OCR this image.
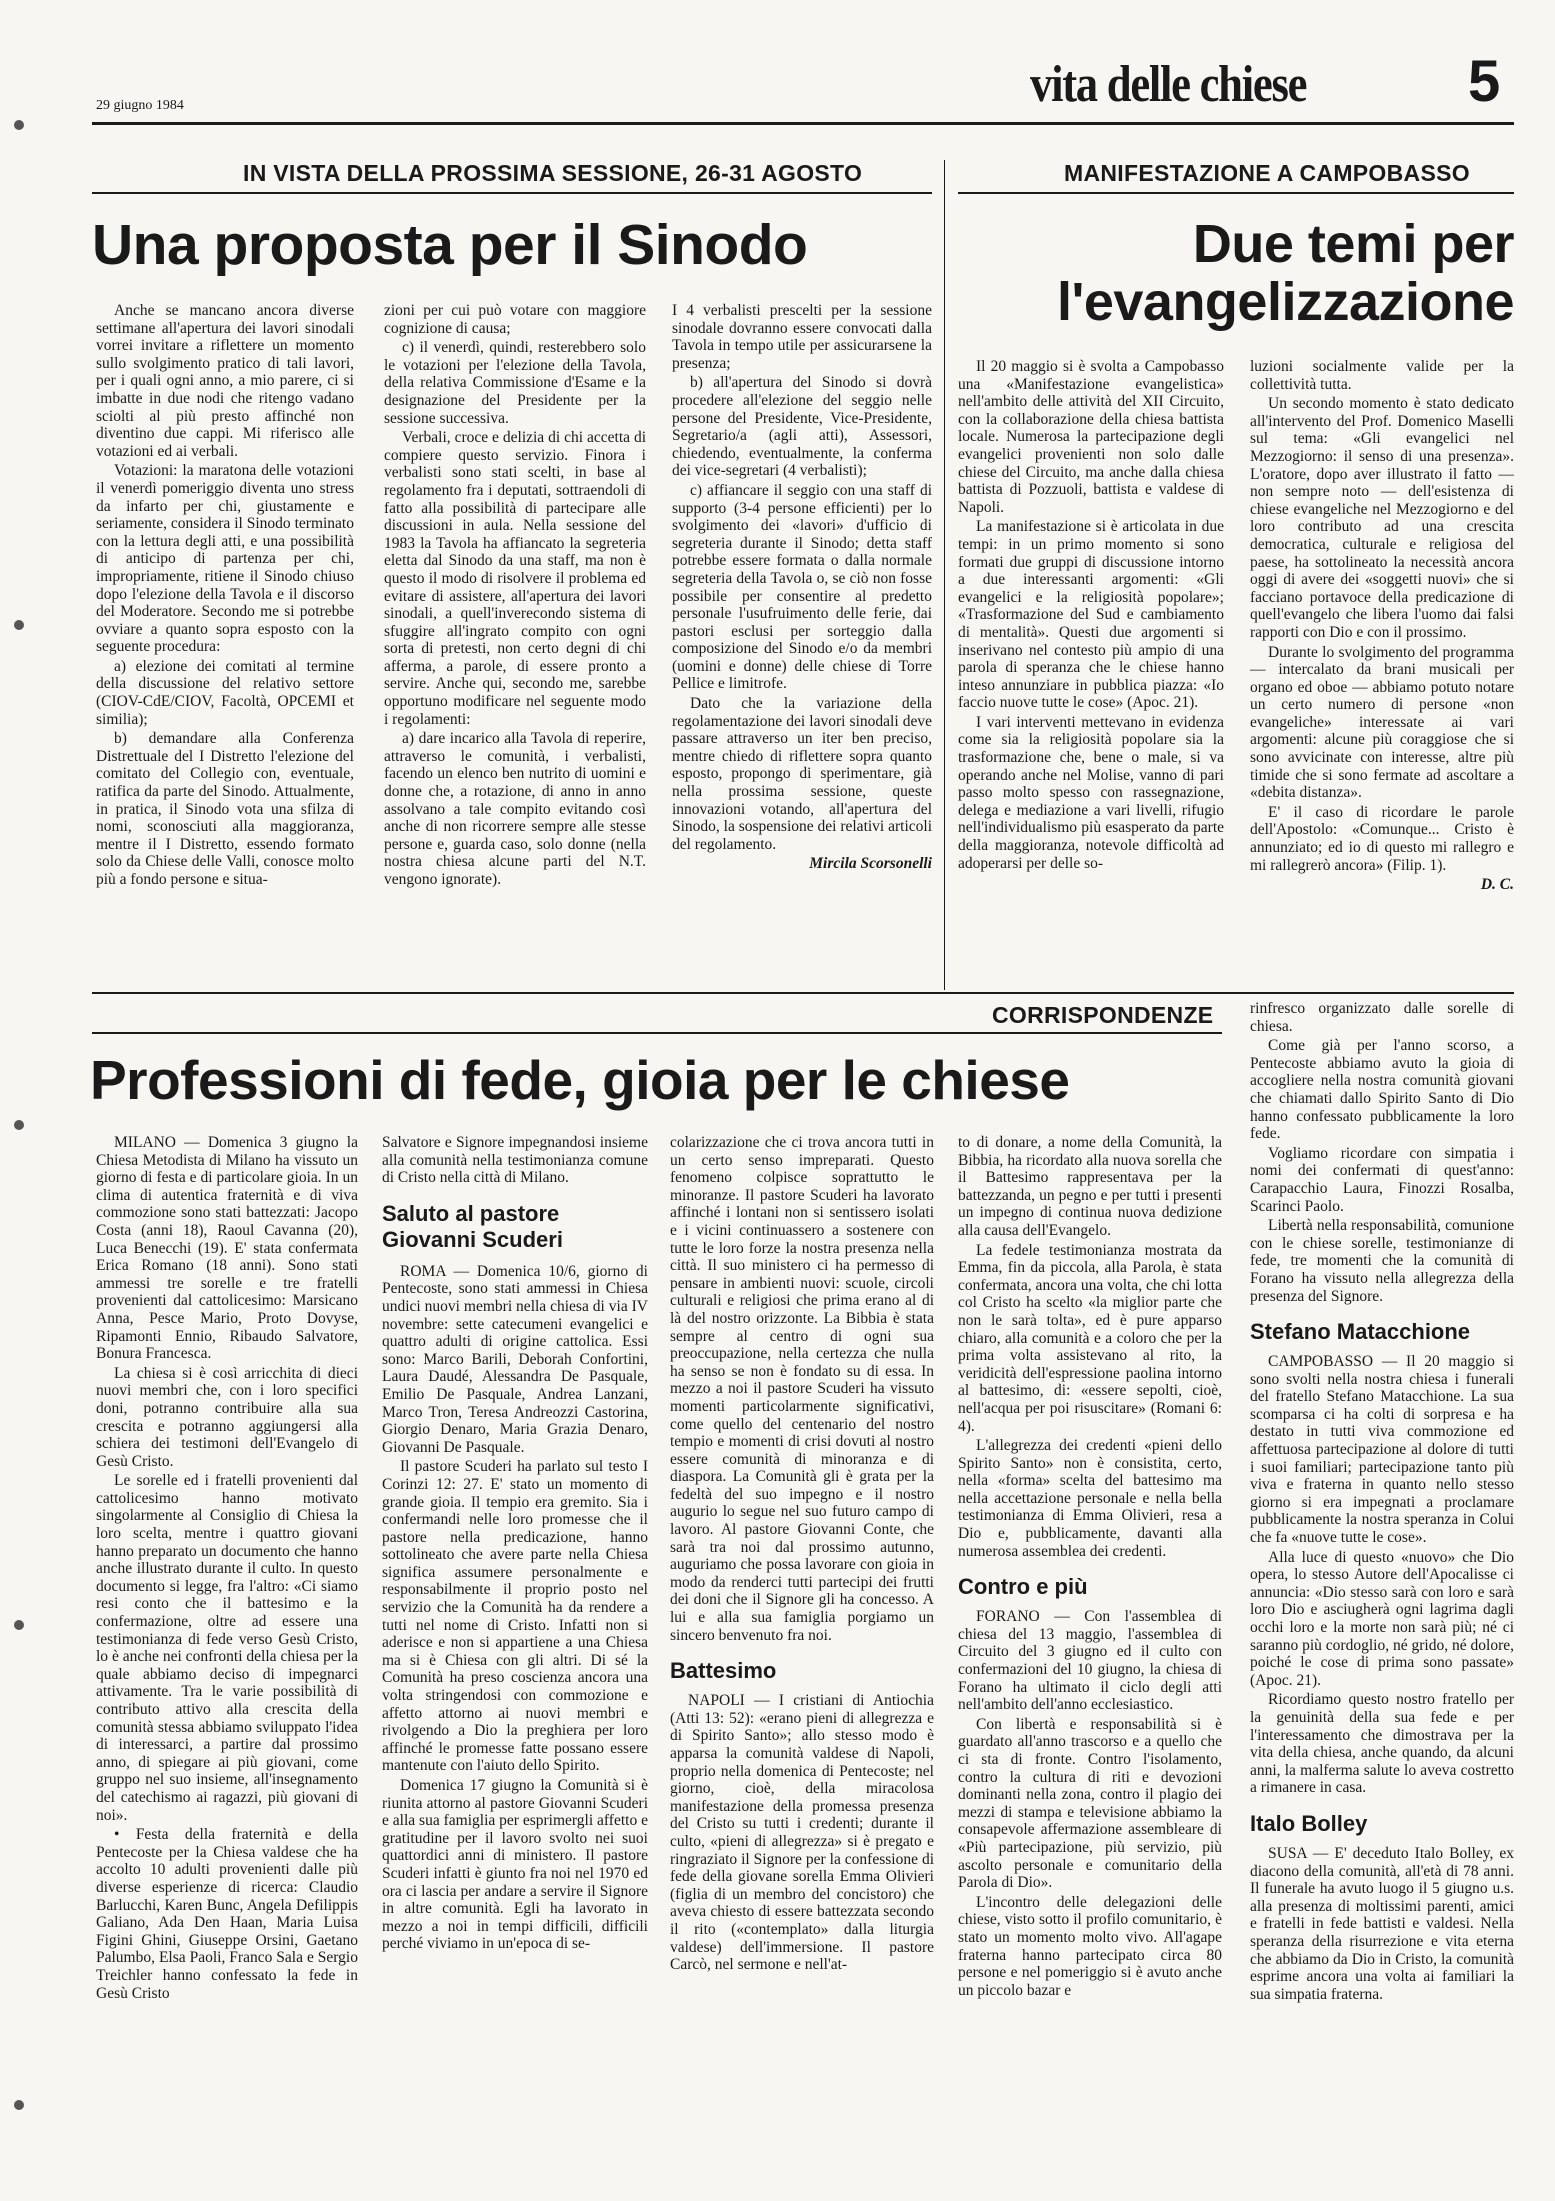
29 giugno 1984	vita delle chiese	5
IN VISTA DELLA PROSSIMA SESSIONE, 26-31 AGOSTO	MANIFESTAZIONE A CAMPOBASSO
Una proposta per il Sinodo

Anche se mancano ancora diverse settimane all'apertura dei lavori sinodali vorrei invitare a riflettere un momento sullo svolgimento pratico di tali lavori, per i quali ogni anno, a mio parere, ci si imbatte in due nodi che ritengo vadano sciolti al più presto affinché non diventino due cappi. Mi riferisco alle votazioni ed ai verbali.

Votazioni: la maratona delle votazioni il venerdì pomeriggio diventa uno stress da infarto per chi, giustamente e seriamente, considera il Sinodo terminato con la lettura degli atti, e una possibilità di anticipo di partenza per chi, impropriamente, ritiene il Sinodo chiuso dopo l'elezione della Tavola e il discorso del Moderatore. Secondo me si potrebbe ovviare a quanto sopra esposto con la seguente procedura:

a) elezione dei comitati al termine della discussione del relativo settore (CIOV-CdE/CIOV, Facoltà, OPCEMI et similia);

b) demandare alla Conferenza Distrettuale del I Distretto l'elezione del comitato del Collegio con, eventuale, ratifica da parte del Sinodo. Attualmente, in pratica, il Sinodo vota una sfilza di nomi, sconosciuti alla maggioranza, mentre il I Distretto, essendo formato solo da Chiese delle Valli, conosce molto più a fondo persone e situa-

zioni per cui può votare con maggiore cognizione di causa;

c) il venerdì, quindi, resterebbero solo le votazioni per l'elezione della Tavola, della relativa Commissione d'Esame e la designazione del Presidente per la sessione successiva.

Verbali, croce e delizia di chi accetta di compiere questo servizio. Finora i verbalisti sono stati scelti, in base al regolamento fra i deputati, sottraendoli di fatto alla possibilità di partecipare alle discussioni in aula. Nella sessione del 1983 la Tavola ha affiancato la segreteria eletta dal Sinodo da una staff, ma non è questo il modo di risolvere il problema ed evitare di assistere, all'apertura dei lavori sinodali, a quell'inverecondo sistema di sfuggire all'ingrato compito con ogni sorta di pretesti, non certo degni di chi afferma, a parole, di essere pronto a servire. Anche qui, secondo me, sarebbe opportuno modificare nel seguente modo i regolamenti:

a) dare incarico alla Tavola di reperire, attraverso le comunità, i verbalisti, facendo un elenco ben nutrito di uomini e donne che, a rotazione, di anno in anno assolvano a tale compito evitando così anche di non ricorrere sempre alle stesse persone e, guarda caso, solo donne (nella nostra chiesa alcune parti del N.T. vengono ignorate).

I 4 verbalisti prescelti per la sessione sinodale dovranno essere convocati dalla Tavola in tempo utile per assicurarsene la presenza;

b) all'apertura del Sinodo si dovrà procedere all'elezione del seggio nelle persone del Presidente, Vice-Presidente, Segretario/a (agli atti), Assessori, chiedendo, eventualmente, la conferma dei vice-segretari (4 verbalisti);

c) affiancare il seggio con una staff di supporto (3-4 persone efficienti) per lo svolgimento dei «lavori» d'ufficio di segreteria durante il Sinodo; detta staff potrebbe essere formata o dalla normale segreteria della Tavola o, se ciò non fosse possibile per consentire al predetto personale l'usufruimento delle ferie, dai pastori esclusi per sorteggio dalla composizione del Sinodo e/o da membri (uomini e donne) delle chiese di Torre Pellice e limitrofe.

Dato che la variazione della regolamentazione dei lavori sinodali deve passare attraverso un iter ben preciso, mentre chiedo di riflettere sopra quanto esposto, propongo di sperimentare, già nella prossima sessione, queste innovazioni votando, all'apertura del Sinodo, la sospensione dei relativi articoli del regolamento.

Mircila Scorsonelli
Due temi per
l'evangelizzazione

Il 20 maggio si è svolta a Campobasso una «Manifestazione evangelistica» nell'ambito delle attività del XII Circuito, con la collaborazione della chiesa battista locale. Numerosa la partecipazione degli evangelici provenienti non solo dalle chiese del Circuito, ma anche dalla chiesa battista di Pozzuoli, battista e valdese di Napoli.

La manifestazione si è articolata in due tempi: in un primo momento si sono formati due gruppi di discussione intorno a due interessanti argomenti: «Gli evangelici e la religiosità popolare»; «Trasformazione del Sud e cambiamento di mentalità». Questi due argomenti si inserivano nel contesto più ampio di una parola di speranza che le chiese hanno inteso annunziare in pubblica piazza: «Io faccio nuove tutte le cose» (Apoc. 21).

I vari interventi mettevano in evidenza come sia la religiosità popolare sia la trasformazione che, bene o male, si va operando anche nel Molise, vanno di pari passo molto spesso con rassegnazione, delega e mediazione a vari livelli, rifugio nell'individualismo più esasperato da parte della maggioranza, notevole difficoltà ad adoperarsi per delle so-

luzioni socialmente valide per la collettività tutta.

Un secondo momento è stato dedicato all'intervento del Prof. Domenico Maselli sul tema: «Gli evangelici nel Mezzogiorno: il senso di una presenza». L'oratore, dopo aver illustrato il fatto — non sempre noto — dell'esistenza di chiese evangeliche nel Mezzogiorno e del loro contributo ad una crescita democratica, culturale e religiosa del paese, ha sottolineato la necessità ancora oggi di avere dei «soggetti nuovi» che si facciano portavoce della predicazione di quell'evangelo che libera l'uomo dai falsi rapporti con Dio e con il prossimo.

Durante lo svolgimento del programma — intercalato da brani musicali per organo ed oboe — abbiamo potuto notare un certo numero di persone «non evangeliche» interessate ai vari argomenti: alcune più coraggiose che si sono avvicinate con interesse, altre più timide che si sono fermate ad ascoltare a «debita distanza».

E' il caso di ricordare le parole dell'Apostolo: «Comunque... Cristo è annunziato; ed io di questo mi rallegro e mi rallegrerò ancora» (Filip. 1).

D. C.
CORRISPONDENZE
Professioni di fede, gioia per le chiese

MILANO — Domenica 3 giugno la Chiesa Metodista di Milano ha vissuto un giorno di festa e di particolare gioia. In un clima di autentica fraternità e di viva commozione sono stati battezzati: Jacopo Costa (anni 18), Raoul Cavanna (20), Luca Benecchi (19). E' stata confermata Erica Romano (18 anni). Sono stati ammessi tre sorelle e tre fratelli provenienti dal cattolicesimo: Marsicano Anna, Pesce Mario, Proto Dovyse, Ripamonti Ennio, Ribaudo Salvatore, Bonura Francesca.

La chiesa si è così arricchita di dieci nuovi membri che, con i loro specifici doni, potranno contribuire alla sua crescita e potranno aggiungersi alla schiera dei testimoni dell'Evangelo di Gesù Cristo.

Le sorelle ed i fratelli provenienti dal cattolicesimo hanno motivato singolarmente al Consiglio di Chiesa la loro scelta, mentre i quattro giovani hanno preparato un documento che hanno anche illustrato durante il culto. In questo documento si legge, fra l'altro: «Ci siamo resi conto che il battesimo e la confermazione, oltre ad essere una testimonianza di fede verso Gesù Cristo, lo è anche nei confronti della chiesa per la quale abbiamo deciso di impegnarci attivamente. Tra le varie possibilità di contributo attivo alla crescita della comunità stessa abbiamo sviluppato l'idea di interessarci, a partire dal prossimo anno, di spiegare ai più giovani, come gruppo nel suo insieme, all'insegnamento del catechismo ai ragazzi, più giovani di noi».

• Festa della fraternità e della Pentecoste per la Chiesa valdese che ha accolto 10 adulti provenienti dalle più diverse esperienze di ricerca: Claudio Barlucchi, Karen Bunc, Angela Defilippis Galiano, Ada Den Haan, Maria Luisa Figini Ghini, Giuseppe Orsini, Gaetano Palumbo, Elsa Paoli, Franco Sala e Sergio Treichler hanno confessato la fede in Gesù Cristo

Salvatore e Signore impegnandosi insieme alla comunità nella testimonianza comune di Cristo nella città di Milano.

Saluto al pastore Giovanni Scuderi

ROMA — Domenica 10/6, giorno di Pentecoste, sono stati ammessi in Chiesa undici nuovi membri nella chiesa di via IV novembre: sette catecumeni evangelici e quattro adulti di origine cattolica. Essi sono: Marco Barili, Deborah Confortini, Laura Daudé, Alessandra De Pasquale, Emilio De Pasquale, Andrea Lanzani, Marco Tron, Teresa Andreozzi Castorina, Giorgio Denaro, Maria Grazia Denaro, Giovanni De Pasquale.

Il pastore Scuderi ha parlato sul testo I Corinzi 12: 27. E' stato un momento di grande gioia. Il tempio era gremito. Sia i confermandi nelle loro promesse che il pastore nella predicazione, hanno sottolineato che avere parte nella Chiesa significa assumere personalmente e responsabilmente il proprio posto nel servizio che la Comunità ha da rendere a tutti nel nome di Cristo. Infatti non si aderisce e non si appartiene a una Chiesa ma si è Chiesa con gli altri. Di sé la Comunità ha preso coscienza ancora una volta stringendosi con commozione e affetto attorno ai nuovi membri e rivolgendo a Dio la preghiera per loro affinché le promesse fatte possano essere mantenute con l'aiuto dello Spirito.

Domenica 17 giugno la Comunità si è riunita attorno al pastore Giovanni Scuderi e alla sua famiglia per esprimergli affetto e gratitudine per il lavoro svolto nei suoi quattordici anni di ministero. Il pastore Scuderi infatti è giunto fra noi nel 1970 ed ora ci lascia per andare a servire il Signore in altre comunità. Egli ha lavorato in mezzo a noi in tempi difficili, difficili perché viviamo in un'epoca di se-

colarizzazione che ci trova ancora tutti in un certo senso impreparati. Questo fenomeno colpisce soprattutto le minoranze. Il pastore Scuderi ha lavorato affinché i lontani non si sentissero isolati e i vicini continuassero a sostenere con tutte le loro forze la nostra presenza nella città. Il suo ministero ci ha permesso di pensare in ambienti nuovi: scuole, circoli culturali e religiosi che prima erano al di là del nostro orizzonte. La Bibbia è stata sempre al centro di ogni sua preoccupazione, nella certezza che nulla ha senso se non è fondato su di essa. In mezzo a noi il pastore Scuderi ha vissuto momenti particolarmente significativi, come quello del centenario del nostro tempio e momenti di crisi dovuti al nostro essere comunità di minoranza e di diaspora. La Comunità gli è grata per la fedeltà del suo impegno e il nostro augurio lo segue nel suo futuro campo di lavoro. Al pastore Giovanni Conte, che sarà tra noi dal prossimo autunno, auguriamo che possa lavorare con gioia in modo da renderci tutti partecipi dei frutti dei doni che il Signore gli ha concesso. A lui e alla sua famiglia porgiamo un sincero benvenuto fra noi.

Battesimo

NAPOLI — I cristiani di Antiochia (Atti 13: 52): «erano pieni di allegrezza e di Spirito Santo»; allo stesso modo è apparsa la comunità valdese di Napoli, proprio nella domenica di Pentecoste; nel giorno, cioè, della miracolosa manifestazione della promessa presenza del Cristo su tutti i credenti; durante il culto, «pieni di allegrezza» si è pregato e ringraziato il Signore per la confessione di fede della giovane sorella Emma Olivieri (figlia di un membro del concistoro) che aveva chiesto di essere battezzata secondo il rito («contemplato» dalla liturgia valdese) dell'immersione. Il pastore Carcò, nel sermone e nell'at-

to di donare, a nome della Comunità, la Bibbia, ha ricordato alla nuova sorella che il Battesimo rappresentava per la battezzanda, un pegno e per tutti i presenti un impegno di continua nuova dedizione alla causa dell'Evangelo.

La fedele testimonianza mostrata da Emma, fin da piccola, alla Parola, è stata confermata, ancora una volta, che chi lotta col Cristo ha scelto «la miglior parte che non le sarà tolta», ed è pure apparso chiaro, alla comunità e a coloro che per la prima volta assistevano al rito, la veridicità dell'espressione paolina intorno al battesimo, di: «essere sepolti, cioè, nell'acqua per poi risuscitare» (Romani 6: 4).

L'allegrezza dei credenti «pieni dello Spirito Santo» non è consistita, certo, nella «forma» scelta del battesimo ma nella accettazione personale e nella bella testimonianza di Emma Olivieri, resa a Dio e, pubblicamente, davanti alla numerosa assemblea dei credenti.

Contro e più

FORANO — Con l'assemblea di chiesa del 13 maggio, l'assemblea di Circuito del 3 giugno ed il culto con confermazioni del 10 giugno, la chiesa di Forano ha ultimato il ciclo degli atti nell'ambito dell'anno ecclesiastico.

Con libertà e responsabilità si è guardato all'anno trascorso e a quello che ci sta di fronte. Contro l'isolamento, contro la cultura di riti e devozioni dominanti nella zona, contro il plagio dei mezzi di stampa e televisione abbiamo la consapevole affermazione assembleare di «Più partecipazione, più servizio, più ascolto personale e comunitario della Parola di Dio».

L'incontro delle delegazioni delle chiese, visto sotto il profilo comunitario, è stato un momento molto vivo. All'agape fraterna hanno partecipato circa 80 persone e nel pomeriggio si è avuto anche un piccolo bazar e

rinfresco organizzato dalle sorelle di chiesa.

Come già per l'anno scorso, a Pentecoste abbiamo avuto la gioia di accogliere nella nostra comunità giovani che chiamati dallo Spirito Santo di Dio hanno confessato pubblicamente la loro fede.

Vogliamo ricordare con simpatia i nomi dei confermati di quest'anno: Carapacchio Laura, Finozzi Rosalba, Scarinci Paolo.

Libertà nella responsabilità, comunione con le chiese sorelle, testimonianze di fede, tre momenti che la comunità di Forano ha vissuto nella allegrezza della presenza del Signore.

Stefano Matacchione

CAMPOBASSO — Il 20 maggio si sono svolti nella nostra chiesa i funerali del fratello Stefano Matacchione. La sua scomparsa ci ha colti di sorpresa e ha destato in tutti viva commozione ed affettuosa partecipazione al dolore di tutti i suoi familiari; partecipazione tanto più viva e fraterna in quanto nello stesso giorno si era impegnati a proclamare pubblicamente la nostra speranza in Colui che fa «nuove tutte le cose».

Alla luce di questo «nuovo» che Dio opera, lo stesso Autore dell'Apocalisse ci annuncia: «Dio stesso sarà con loro e sarà loro Dio e asciugherà ogni lagrima dagli occhi loro e la morte non sarà più; né ci saranno più cordoglio, né grido, né dolore, poiché le cose di prima sono passate» (Apoc. 21).

Ricordiamo questo nostro fratello per la genuinità della sua fede e per l'interessamento che dimostrava per la vita della chiesa, anche quando, da alcuni anni, la malferma salute lo aveva costretto a rimanere in casa.

Italo Bolley

SUSA — E' deceduto Italo Bolley, ex diacono della comunità, all'età di 78 anni. Il funerale ha avuto luogo il 5 giugno u.s. alla presenza di moltissimi parenti, amici e fratelli in fede battisti e valdesi. Nella speranza della risurrezione e vita eterna che abbiamo da Dio in Cristo, la comunità esprime ancora una volta ai familiari la sua simpatia fraterna.
